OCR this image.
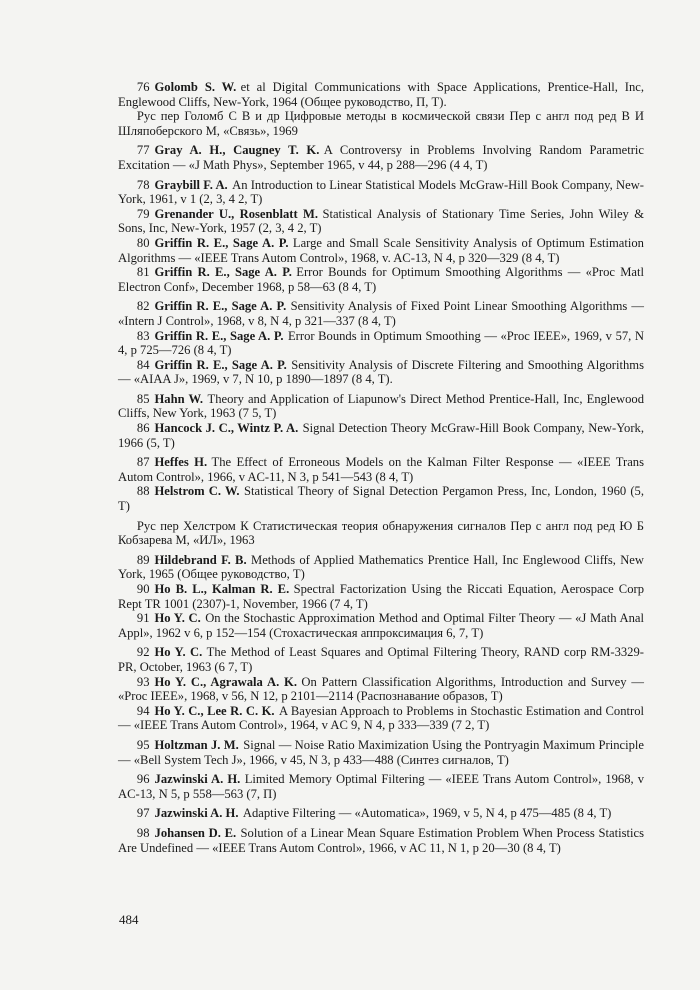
76 Golomb S. W. et al Digital Communications with Space Applications, Prentice-Hall, Inc, Englewood Cliffs, New-York, 1964 (Общее руководство, П, Т).

Рус пер Голомб С В и др Цифровые методы в космической связи Пер с англ под ред В И Шляпоберского М, «Связь», 1969

77 Gray A. H., Caugney T. K. A Controversy in Problems Involving Random Parametric Excitation — «J Math Phys», September 1965, v 44, p 288—296 (4 4, T)

78 Graybill F. A. An Introduction to Linear Statistical Models McGraw-Hill Book Company, New-York, 1961, v 1 (2, 3, 4 2, T)

79 Grenander U., Rosenblatt M. Statistical Analysis of Stationary Time Series, John Wiley & Sons, Inc, New-York, 1957 (2, 3, 4 2, T)

80 Griffin R. E., Sage A. P. Large and Small Scale Sensitivity Analysis of Optimum Estimation Algorithms — «IEEE Trans Autom Control», 1968, v. AC-13, N 4, p 320—329 (8 4, T)

81 Griffin R. E., Sage A. P. Error Bounds for Optimum Smoothing Algorithms — «Proc Matl Electron Conf», December 1968, p 58—63 (8 4, T)

82 Griffin R. E., Sage A. P. Sensitivity Analysis of Fixed Point Linear Smoothing Algorithms — «Intern J Control», 1968, v 8, N 4, p 321—337 (8 4, T)

83 Griffin R. E., Sage A. P. Error Bounds in Optimum Smoothing — «Proc IEEE», 1969, v 57, N 4, p 725—726 (8 4, T)

84 Griffin R. E., Sage A. P. Sensitivity Analysis of Discrete Filtering and Smoothing Algorithms — «AIAA J», 1969, v 7, N 10, p 1890—1897 (8 4, T).

85 Hahn W. Theory and Application of Liapunow's Direct Method Prentice-Hall, Inc, Englewood Cliffs, New York, 1963 (7 5, T)

86 Hancock J. C., Wintz P. A. Signal Detection Theory McGraw-Hill Book Company, New-York, 1966 (5, T)

87 Heffes H. The Effect of Erroneous Models on the Kalman Filter Response — «IEEE Trans Autom Control», 1966, v AC-11, N 3, p 541—543 (8 4, T)

88 Helstrom C. W. Statistical Theory of Signal Detection Pergamon Press, Inc, London, 1960 (5, T)

Рус пер Хелстром К Статистическая теория обнаружения сигналов Пер с англ под ред Ю Б Кобзарева М, «ИЛ», 1963

89 Hildebrand F. B. Methods of Applied Mathematics Prentice Hall, Inc Englewood Cliffs, New York, 1965 (Общее руководство, Т)

90 Ho B. L., Kalman R. E. Spectral Factorization Using the Riccati Equation, Aerospace Corp Rept TR 1001 (2307)-1, November, 1966 (7 4, T)

91 Ho Y. C. On the Stochastic Approximation Method and Optimal Filter Theory — «J Math Anal Appl», 1962 v 6, p 152—154 (Стохастическая аппроксимация 6, 7, T)

92 Ho Y. C. The Method of Least Squares and Optimal Filtering Theory, RAND corp RM-3329-PR, October, 1963 (6 7, T)

93 Ho Y. C., Agrawala A. K. On Pattern Classification Algorithms, Introduction and Survey — «Proc IEEE», 1968, v 56, N 12, p 2101—2114 (Распознавание образов, T)

94 Ho Y. C., Lee R. C. K. A Bayesian Approach to Problems in Stochastic Estimation and Control — «IEEE Trans Autom Control», 1964, v AC 9, N 4, p 333—339 (7 2, T)

95 Holtzman J. M. Signal — Noise Ratio Maximization Using the Pontryagin Maximum Principle — «Bell System Tech J», 1966, v 45, N 3, p 433—488 (Синтез сигналов, T)

96 Jazwinski A. H. Limited Memory Optimal Filtering — «IEEE Trans Autom Control», 1968, v AC-13, N 5, p 558—563 (7, П)

97 Jazwinski A. H. Adaptive Filtering — «Automatica», 1969, v 5, N 4, p 475—485 (8 4, T)

98 Johansen D. E. Solution of a Linear Mean Square Estimation Problem When Process Statistics Are Undefined — «IEEE Trans Autom Control», 1966, v AC 11, N 1, p 20—30 (8 4, T)

484
